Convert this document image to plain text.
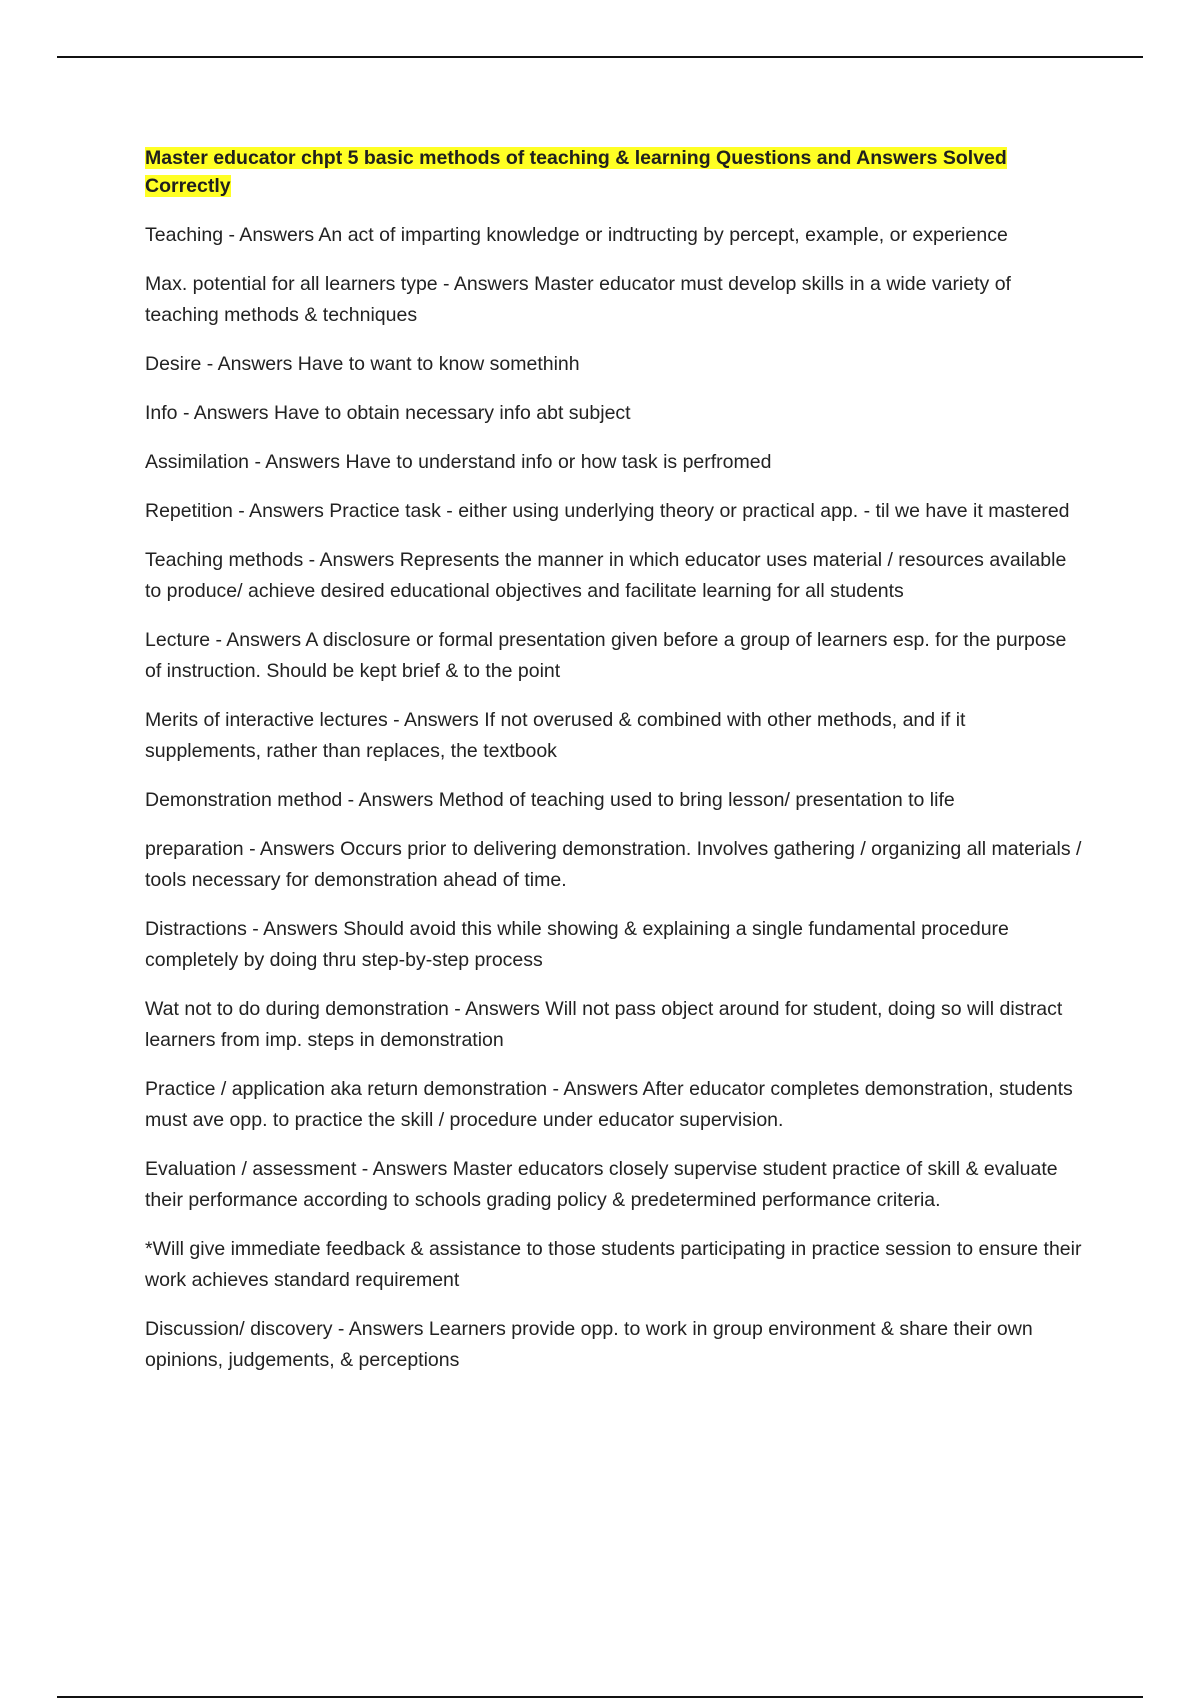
Master educator chpt 5 basic methods of teaching & learning Questions and Answers Solved Correctly

Teaching - Answers An act of imparting knowledge or indtructing by percept, example, or experience

Max. potential for all learners type - Answers Master educator must develop skills in a wide variety of teaching methods & techniques

Desire - Answers Have to want to know somethinh

Info - Answers Have to obtain necessary info abt subject

Assimilation - Answers Have to understand info or how task is perfromed

Repetition - Answers Practice task - either using underlying theory or practical app. - til we have it mastered

Teaching methods - Answers Represents the manner in which educator uses material / resources available to produce/ achieve desired educational objectives and facilitate learning for all students

Lecture - Answers A disclosure or formal presentation given before a group of learners esp. for the purpose of instruction. Should be kept brief & to the point

Merits of interactive lectures - Answers If not overused & combined with other methods, and if it supplements, rather than replaces, the textbook

Demonstration method - Answers Method of teaching used to bring lesson/ presentation to life

preparation - Answers Occurs prior to delivering demonstration. Involves gathering / organizing all materials / tools necessary for demonstration ahead of time.

Distractions - Answers Should avoid this while showing & explaining a single fundamental procedure completely by doing thru step-by-step process

Wat not to do during demonstration - Answers Will not pass object around for student, doing so will distract learners from imp. steps in demonstration

Practice / application aka return demonstration - Answers After educator completes demonstration, students must ave opp. to practice the skill / procedure under educator supervision.

Evaluation / assessment - Answers Master educators closely supervise student practice of skill & evaluate their performance according to schools grading policy & predetermined performance criteria.

*Will give immediate feedback & assistance to those students participating in practice session to ensure their work achieves standard requirement

Discussion/ discovery - Answers Learners provide opp. to work in group environment & share their own opinions, judgements, & perceptions
